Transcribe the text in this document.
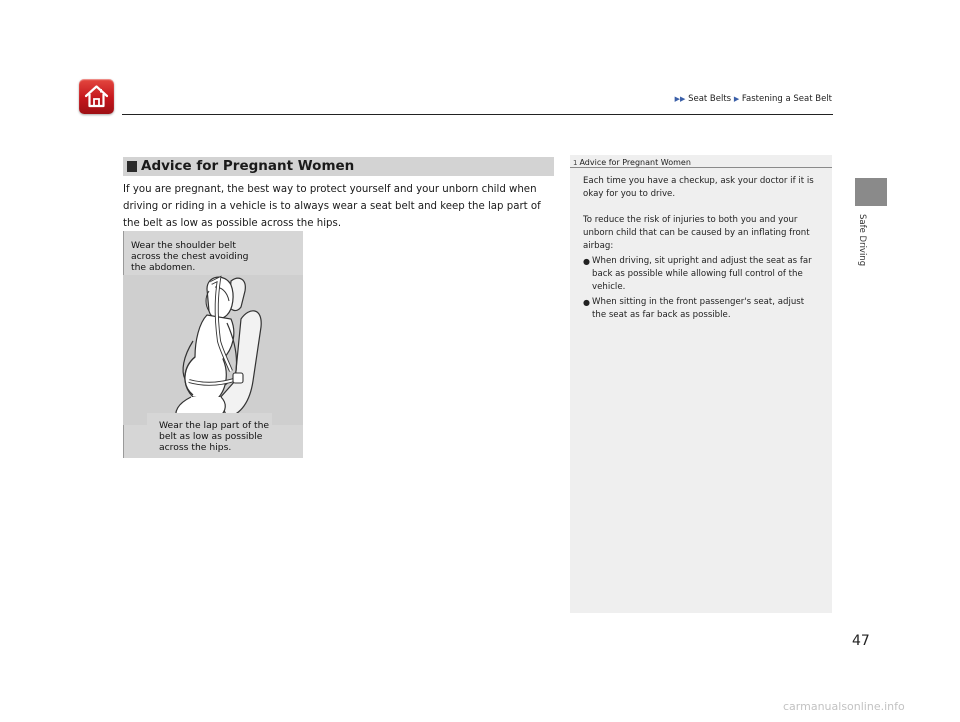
▶▶ Seat Belts ▶ Fastening a Seat Belt
Safe Driving
Advice for Pregnant Women
If you are pregnant, the best way to protect yourself and your unborn child when driving or riding in a vehicle is to always wear a seat belt and keep the lap part of the belt as low as possible across the hips.
Wear the shoulder belt
across the chest avoiding
the abdomen.
Wear the lap part of the
belt as low as possible
across the hips.
1 Advice for Pregnant Women
Each time you have a checkup, ask your doctor if it is
okay for you to drive.
To reduce the risk of injuries to both you and your
unborn child that can be caused by an inflating front
airbag:
● When driving, sit upright and adjust the seat as far
back as possible while allowing full control of the
vehicle.
● When sitting in the front passenger's seat, adjust
the seat as far back as possible.
47
carmanualsonline.info
